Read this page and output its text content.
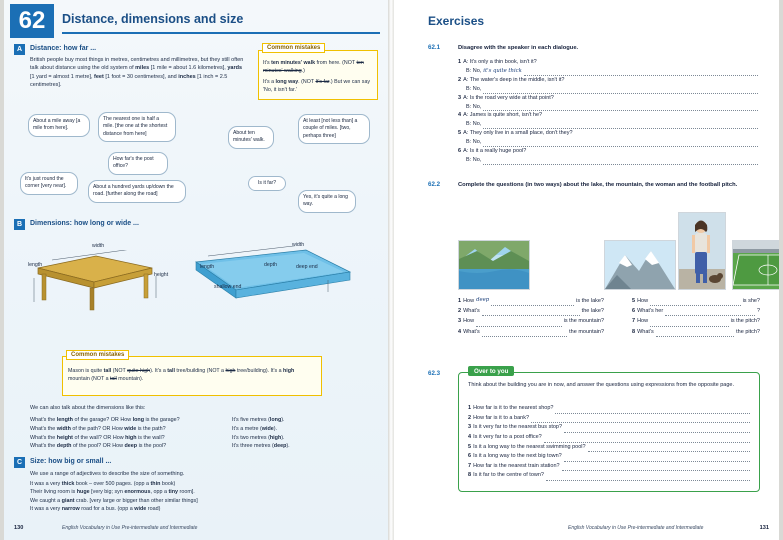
62	Distance, dimensions and size
A	Distance: how far ...
British people buy most things in metres, centimetres and millimetres, but they still often talk about distance using the old system of miles [1 mile = about 1.6 kilometres], yards [1 yard = almost 1 metre], feet [1 foot = 30 centimetres], and inches [1 inch = 2.5 centimetres].
Common mistakes
It's ten minutes' walk from here. (NOT ten minutes' walking.)
It's a long way. (NOT It's far.) But we can say 'No, it isn't far.'
About a mile away [a mile from here].
The nearest one is half a mile. [the one at the shortest distance from here]	About ten minutes' walk.
At least [not less than] a couple of miles. [two, perhaps three]
How far's the post office?
It's just round the corner [very near].	About a hundred yards up/down the road. [further along the road]
Is it far?
Yes, it's quite a long way.
B	Dimensions: how long or wide ...
width
length
height
width
length	depth	deep end
shallow end
Common mistakes
Mason is quite tall (NOT quite high). It's a tall tree/building (NOT a high tree/building). It's a high mountain (NOT a tall mountain).
We can also talk about the dimensions like this:
What's the length of the garage? OR How long is the garage?
What's the width of the path? OR How wide is the path?
What's the height of the wall? OR How high is the wall?
What's the depth of the pool? OR How deep is the pool?
It's five metres (long).
It's a metre (wide).
It's two metres (high).
It's three metres (deep).
C	Size: how big or small ...
We use a range of adjectives to describe the size of something.
It was a very thick book – over 500 pages. (opp a thin book)
Their living room is huge [very big; syn enormous, opp a tiny room].
We caught a giant crab. [very large or bigger than other similar things]
It was a very narrow road for a bus. (opp a wide road)
130	English Vocabulary in Use Pre-intermediate and Intermediate
Exercises
62.1	Disagree with the speaker in each dialogue.
1 A: It's only a thin book, isn't it?
B: No, it's quite thick
2 A: The water's deep in the middle, isn't it?
B: No,
3 A: Is the road very wide at that point?
B: No,
4 A: James is quite short, isn't he?
B: No,
5 A: They only live in a small place, don't they?
B: No,
6 A: Is it a really huge pool?
B: No,
62.2	Complete the questions (in two ways) about the lake, the mountain, the woman and the football pitch.
1 How deep	is the lake?
2 What's	the lake?
3 How	is the mountain?
4 What's	the mountain?
5 How	is she?
6 What's her	?
7 How	is the pitch?
8 What's	the pitch?
62.3	Over to you
Think about the building you are in now, and answer the questions using expressions from the opposite page.
1 How far is it to the nearest shop?
2 How far is it to a bank?
3 Is it very far to the nearest bus stop?
4 Is it very far to a post office?
5 Is it a long way to the nearest swimming pool?
6 Is it a long way to the next big town?
7 How far is the nearest train station?
8 Is it far to the centre of town?
English Vocabulary in Use Pre-intermediate and Intermediate	131
